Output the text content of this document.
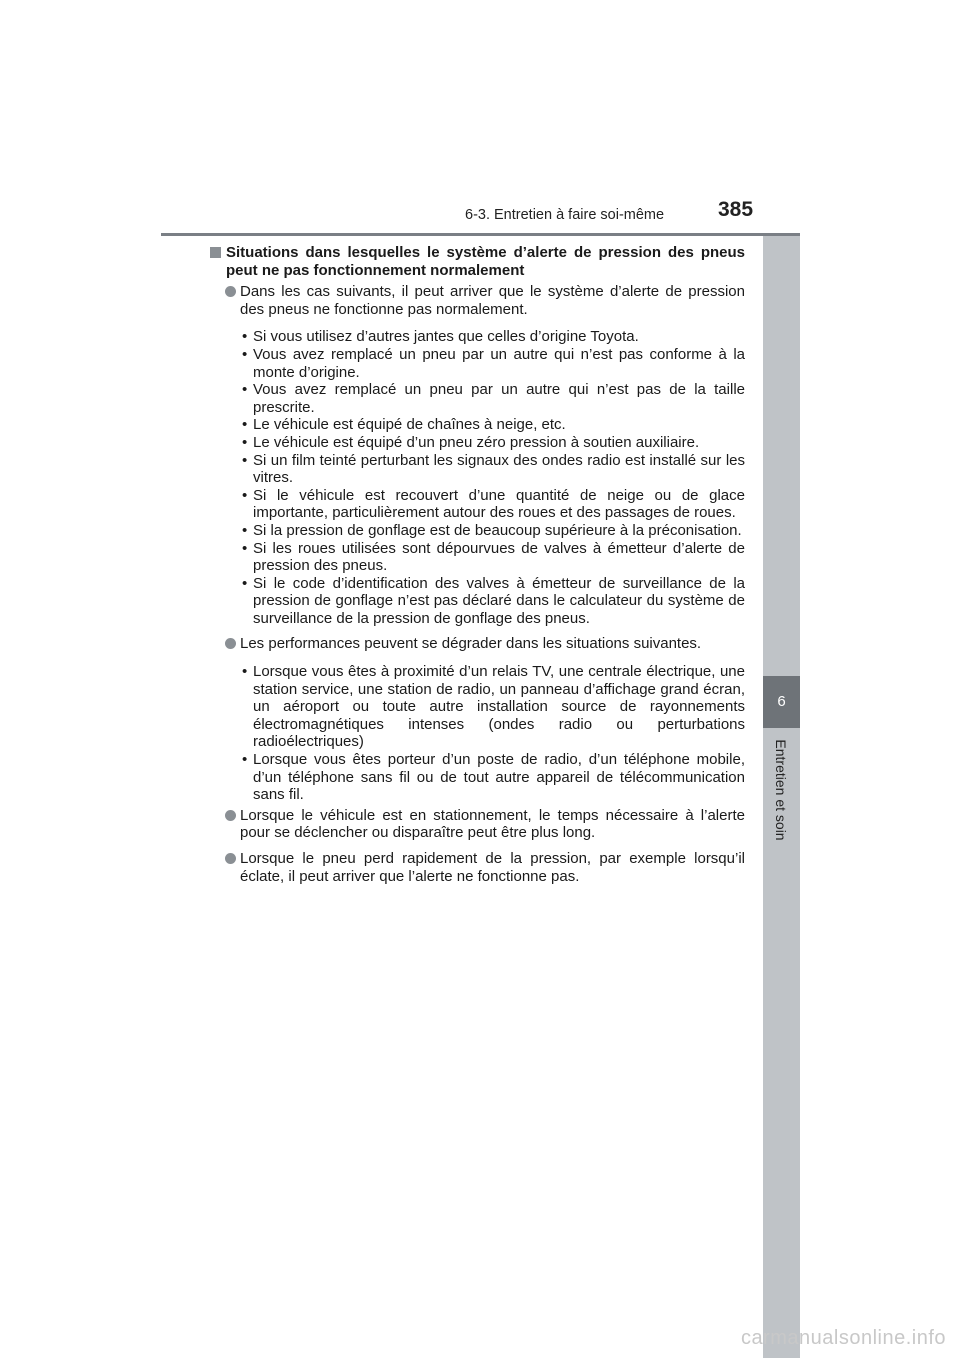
6-3. Entretien à faire soi-même	385
6
Entretien et soin
Situations dans lesquelles le système d’alerte de pression des pneus peut ne pas fonctionnement normalement
Dans les cas suivants, il peut arriver que le système d’alerte de pression des pneus ne fonctionne pas normalement.
• Si vous utilisez d’autres jantes que celles d’origine Toyota.
• Vous avez remplacé un pneu par un autre qui n’est pas conforme à la monte d’origine.
• Vous avez remplacé un pneu par un autre qui n’est pas de la taille prescrite.
• Le véhicule est équipé de chaînes à neige, etc.
• Le véhicule est équipé d’un pneu zéro pression à soutien auxiliaire.
• Si un film teinté perturbant les signaux des ondes radio est installé sur les vitres.
• Si le véhicule est recouvert d’une quantité de neige ou de glace importante, particulièrement autour des roues et des passages de roues.
• Si la pression de gonflage est de beaucoup supérieure à la préconisation.
• Si les roues utilisées sont dépourvues de valves à émetteur d’alerte de pression des pneus.
• Si le code d’identification des valves à émetteur de surveillance de la pression de gonflage n’est pas déclaré dans le calculateur du système de surveillance de la pression de gonflage des pneus.
Les performances peuvent se dégrader dans les situations suivantes.
• Lorsque vous êtes à proximité d’un relais TV, une centrale électrique, une station service, une station de radio, un panneau d’affichage grand écran, un aéroport ou toute autre installation source de rayonnements électromagnétiques intenses (ondes radio ou perturbations radioélectriques)
• Lorsque vous êtes porteur d’un poste de radio, d’un téléphone mobile, d’un téléphone sans fil ou de tout autre appareil de télécommunication sans fil.
Lorsque le véhicule est en stationnement, le temps nécessaire à l’alerte pour se déclencher ou disparaître peut être plus long.
Lorsque le pneu perd rapidement de la pression, par exemple lorsqu’il éclate, il peut arriver que l’alerte ne fonctionne pas.
carmanualsonline.info
